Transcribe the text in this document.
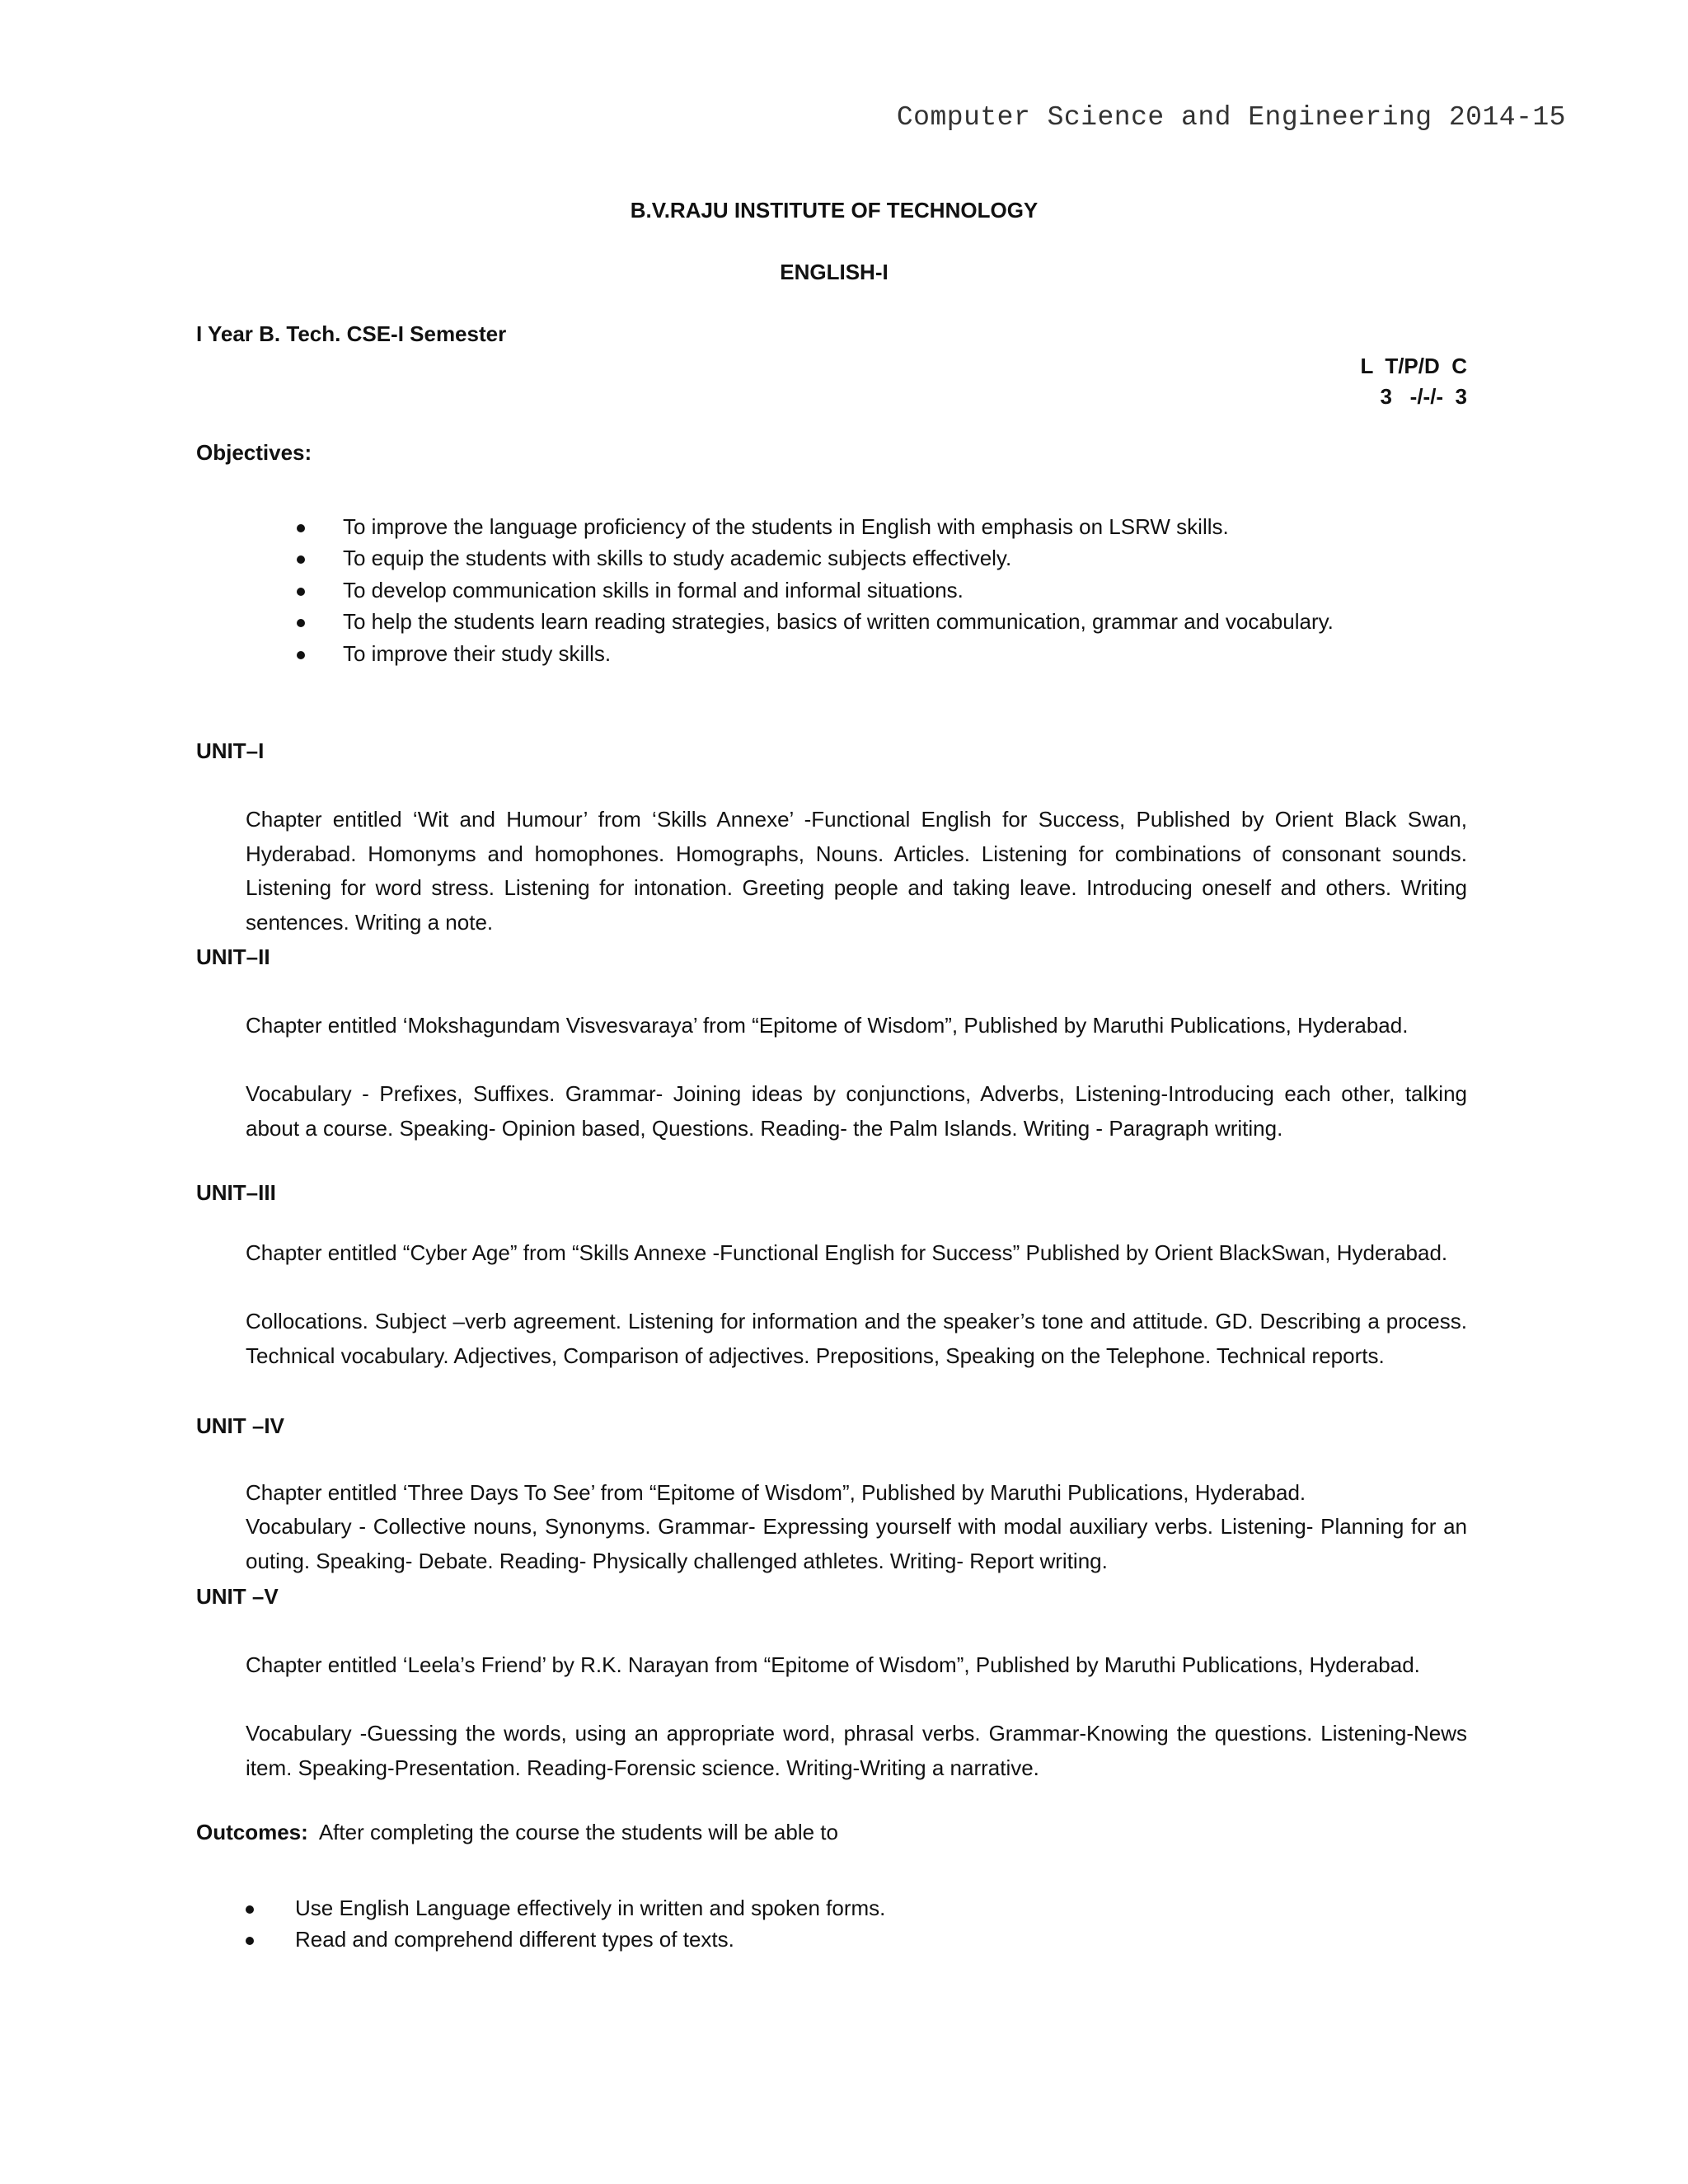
Computer Science and Engineering 2014-15
B.V.RAJU INSTITUTE OF TECHNOLOGY
ENGLISH-I
I Year B. Tech. CSE-I Semester
L  T/P/D  C
3   -/-/-  3
Objectives:
To improve the language proficiency of the students in English with emphasis on LSRW skills.
To equip the students with skills to study academic subjects effectively.
To develop communication skills in formal and informal situations.
To help the students learn reading strategies, basics of written communication, grammar and vocabulary.
To improve their study skills.
UNIT–I

Chapter entitled ‘Wit and Humour’ from ‘Skills Annexe’ -Functional English for Success, Published by Orient Black Swan, Hyderabad. Homonyms and homophones. Homographs, Nouns. Articles. Listening for combinations of consonant sounds. Listening for word stress. Listening for intonation. Greeting people and taking leave. Introducing oneself and others. Writing sentences. Writing a note.

UNIT–II

Chapter entitled ‘Mokshagundam Visvesvaraya’ from “Epitome of Wisdom”, Published by Maruthi Publications, Hyderabad.

Vocabulary - Prefixes, Suffixes. Grammar- Joining ideas by conjunctions, Adverbs, Listening-Introducing each other, talking about a course. Speaking- Opinion based, Questions. Reading- the Palm Islands. Writing - Paragraph writing.

UNIT–III

Chapter entitled “Cyber Age” from “Skills Annexe -Functional English for Success” Published by Orient BlackSwan, Hyderabad.

Collocations. Subject –verb agreement. Listening for information and the speaker’s tone and attitude. GD. Describing a process. Technical vocabulary. Adjectives, Comparison of adjectives. Prepositions, Speaking on the Telephone. Technical reports.

UNIT –IV

Chapter entitled ‘Three Days To See’ from “Epitome of Wisdom”, Published by Maruthi Publications, Hyderabad.

Vocabulary - Collective nouns, Synonyms. Grammar- Expressing yourself with modal auxiliary verbs. Listening- Planning for an outing. Speaking- Debate. Reading- Physically challenged athletes. Writing- Report writing.

UNIT –V

Chapter entitled ‘Leela’s Friend’ by R.K. Narayan from “Epitome of Wisdom”, Published by Maruthi Publications, Hyderabad.

Vocabulary -Guessing the words, using an appropriate word, phrasal verbs. Grammar-Knowing the questions. Listening-News item. Speaking-Presentation. Reading-Forensic science. Writing-Writing a narrative.

Outcomes: After completing the course the students will be able to
Use English Language effectively in written and spoken forms.
Read and comprehend different types of texts.
